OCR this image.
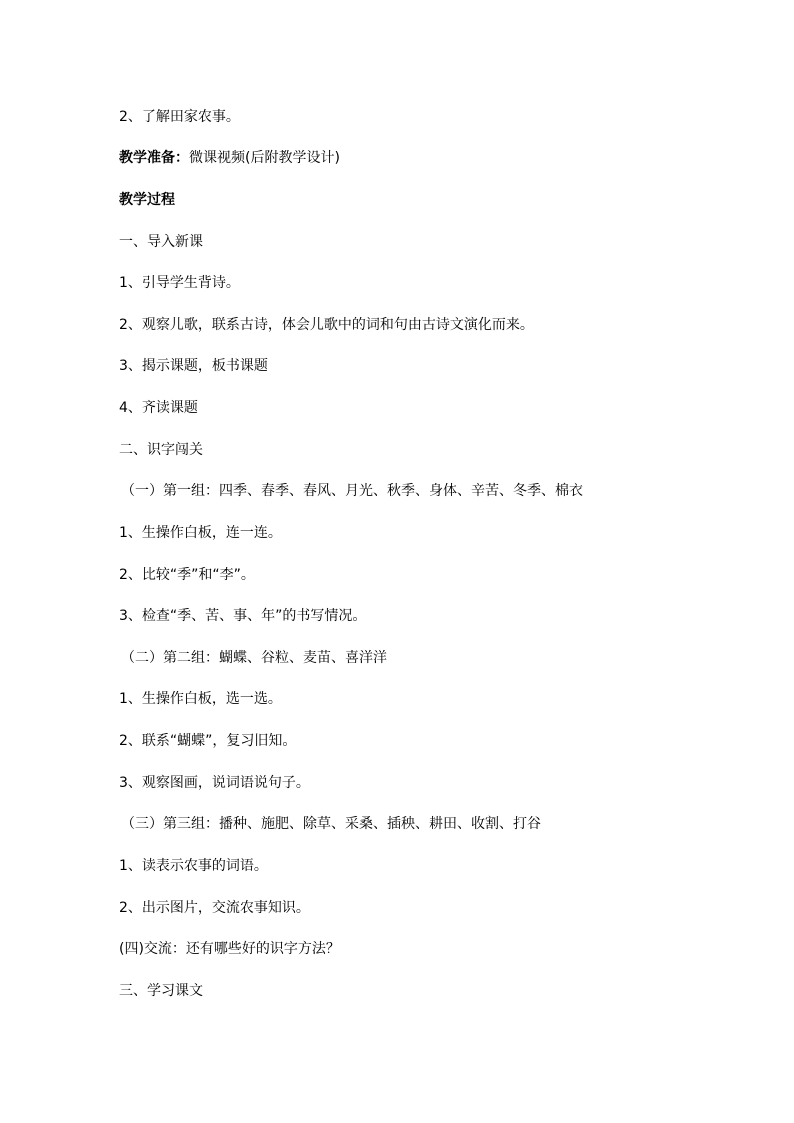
2、了解田家农事。
教学准备：微课视频(后附教学设计)
教学过程
一、导入新课
1、引导学生背诗。
2、观察儿歌，联系古诗，体会儿歌中的词和句由古诗文演化而来。
3、揭示课题，板书课题
4、齐读课题
二、识字闯关
（一）第一组：四季、春季、春风、月光、秋季、身体、辛苦、冬季、棉衣
1、生操作白板，连一连。
2、比较“季”和“李”。
3、检查“季、苦、事、年”的书写情况。
（二）第二组：蝴蝶、谷粒、麦苗、喜洋洋
1、生操作白板，选一选。
2、联系“蝴蝶”，复习旧知。
3、观察图画，说词语说句子。
（三）第三组：播种、施肥、除草、采桑、插秧、耕田、收割、打谷
1、读表示农事的词语。
2、出示图片，交流农事知识。
(四)交流：还有哪些好的识字方法？
三、学习课文
